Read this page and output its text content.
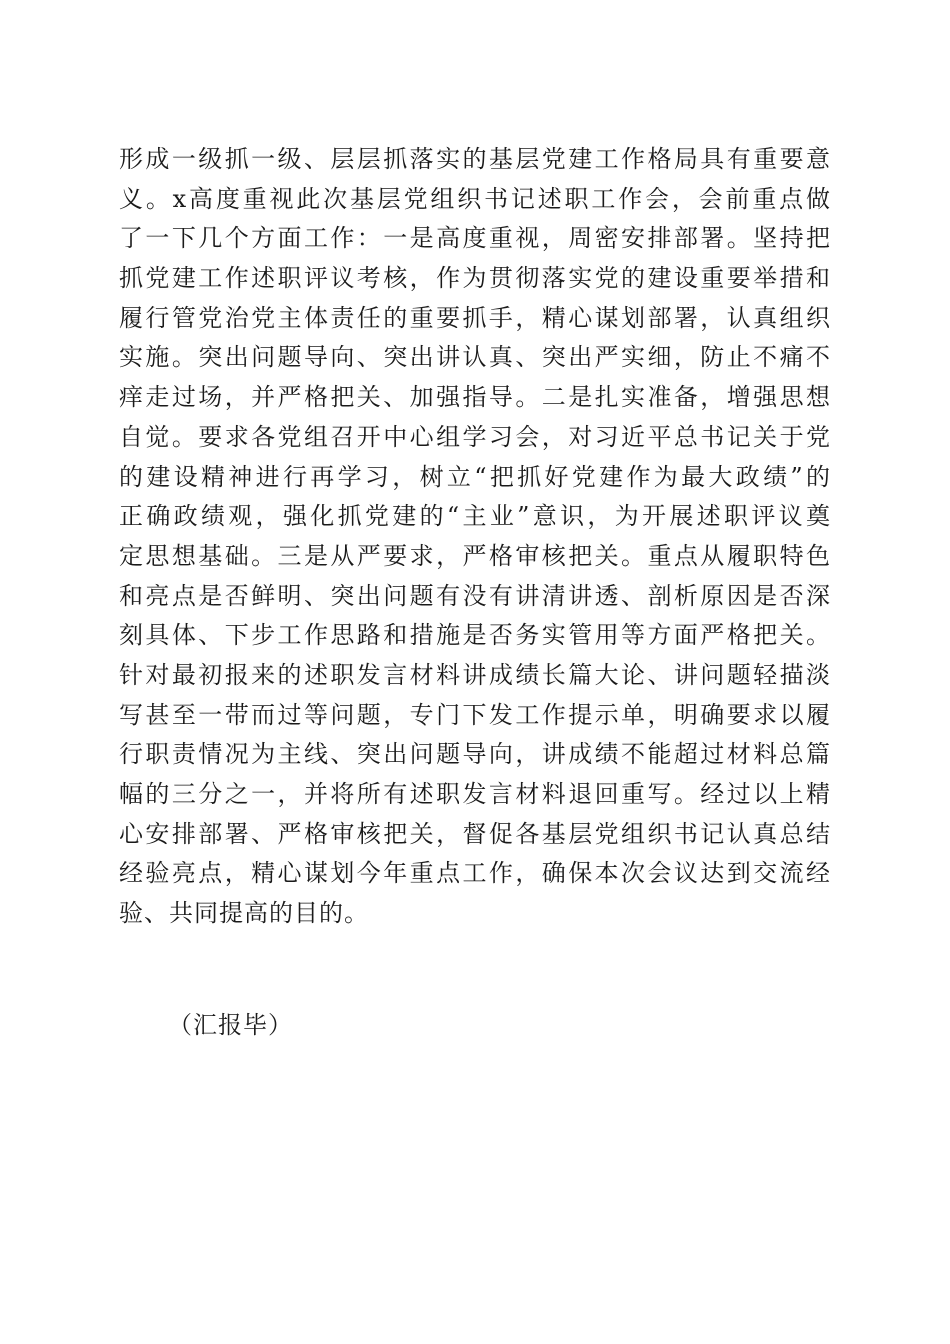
形成一级抓一级、层层抓落实的基层党建工作格局具有重要意
义。x高度重视此次基层党组织书记述职工作会，会前重点做
了一下几个方面工作：一是高度重视，周密安排部署。坚持把
抓党建工作述职评议考核，作为贯彻落实党的建设重要举措和
履行管党治党主体责任的重要抓手，精心谋划部署，认真组织
实施。突出问题导向、突出讲认真、突出严实细，防止不痛不
痒走过场，并严格把关、加强指导。二是扎实准备，增强思想
自觉。要求各党组召开中心组学习会，对习近平总书记关于党
的建设精神进行再学习，树立“把抓好党建作为最大政绩”的
正确政绩观，强化抓党建的“主业”意识，为开展述职评议奠
定思想基础。三是从严要求，严格审核把关。重点从履职特色
和亮点是否鲜明、突出问题有没有讲清讲透、剖析原因是否深
刻具体、下步工作思路和措施是否务实管用等方面严格把关。
针对最初报来的述职发言材料讲成绩长篇大论、讲问题轻描淡
写甚至一带而过等问题，专门下发工作提示单，明确要求以履
行职责情况为主线、突出问题导向，讲成绩不能超过材料总篇
幅的三分之一，并将所有述职发言材料退回重写。经过以上精
心安排部署、严格审核把关，督促各基层党组织书记认真总结
经验亮点，精心谋划今年重点工作，确保本次会议达到交流经
验、共同提高的目的。
（汇报毕）
